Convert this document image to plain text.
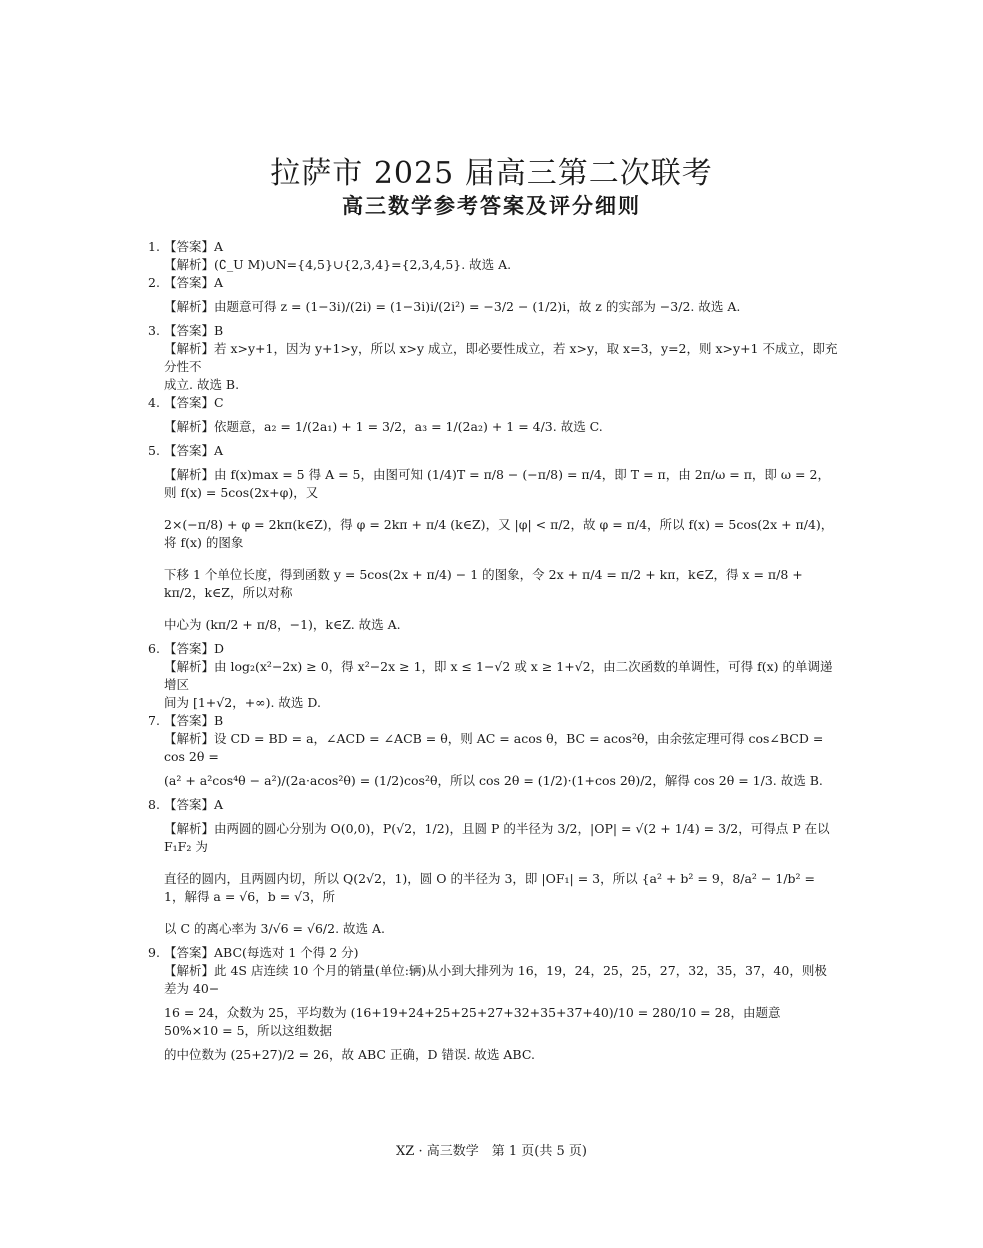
拉萨市 2025 届高三第二次联考
高三数学参考答案及评分细则
1. 【答案】A
【解析】(∁_U M)∪N={4,5}∪{2,3,4}={2,3,4,5}. 故选 A.
2. 【答案】A
【解析】由题意可得 z = (1−3i)/(2i) = (1−3i)i/(2i²) = −3/2 − (1/2)i，故 z 的实部为 −3/2. 故选 A.
3. 【答案】B
【解析】若 x>y+1，因为 y+1>y，所以 x>y 成立，即必要性成立，若 x>y，取 x=3，y=2，则 x>y+1 不成立，即充分性不
成立. 故选 B.
4. 【答案】C
【解析】依题意，a₂ = 1/(2a₁) + 1 = 3/2，a₃ = 1/(2a₂) + 1 = 4/3. 故选 C.
5. 【答案】A
【解析】由 f(x)max = 5 得 A = 5，由图可知 (1/4)T = π/8 − (−π/8) = π/4，即 T = π，由 2π/ω = π，即 ω = 2，则 f(x) = 5cos(2x+φ)，又
2×(−π/8) + φ = 2kπ(k∈Z)，得 φ = 2kπ + π/4 (k∈Z)，又 |φ| < π/2，故 φ = π/4，所以 f(x) = 5cos(2x + π/4)，将 f(x) 的图象
下移 1 个单位长度，得到函数 y = 5cos(2x + π/4) − 1 的图象，令 2x + π/4 = π/2 + kπ，k∈Z，得 x = π/8 + kπ/2，k∈Z，所以对称
中心为 (kπ/2 + π/8，−1)，k∈Z. 故选 A.
6. 【答案】D
【解析】由 log₂(x²−2x) ≥ 0，得 x²−2x ≥ 1，即 x ≤ 1−√2 或 x ≥ 1+√2，由二次函数的单调性，可得 f(x) 的单调递增区
间为 [1+√2，+∞). 故选 D.
7. 【答案】B
【解析】设 CD = BD = a，∠ACD = ∠ACB = θ，则 AC = acos θ，BC = acos²θ，由余弦定理可得 cos∠BCD = cos 2θ =
(a² + a²cos⁴θ − a²)/(2a·acos²θ) = (1/2)cos²θ，所以 cos 2θ = (1/2)·(1+cos 2θ)/2，解得 cos 2θ = 1/3. 故选 B.
8. 【答案】A
【解析】由两圆的圆心分别为 O(0,0)，P(√2，1/2)，且圆 P 的半径为 3/2，|OP| = √(2 + 1/4) = 3/2，可得点 P 在以 F₁F₂ 为
直径的圆内，且两圆内切，所以 Q(2√2，1)，圆 O 的半径为 3，即 |OF₁| = 3，所以 {a² + b² = 9，8/a² − 1/b² = 1，解得 a = √6，b = √3，所
以 C 的离心率为 3/√6 = √6/2. 故选 A.
9. 【答案】ABC(每选对 1 个得 2 分)
【解析】此 4S 店连续 10 个月的销量(单位:辆)从小到大排列为 16，19，24，25，25，27，32，35，37，40，则极差为 40−
16 = 24，众数为 25，平均数为 (16+19+24+25+25+27+32+35+37+40)/10 = 280/10 = 28，由题意 50%×10 = 5，所以这组数据
的中位数为 (25+27)/2 = 26，故 ABC 正确，D 错误. 故选 ABC.
XZ · 高三数学　第 1 页(共 5 页)
